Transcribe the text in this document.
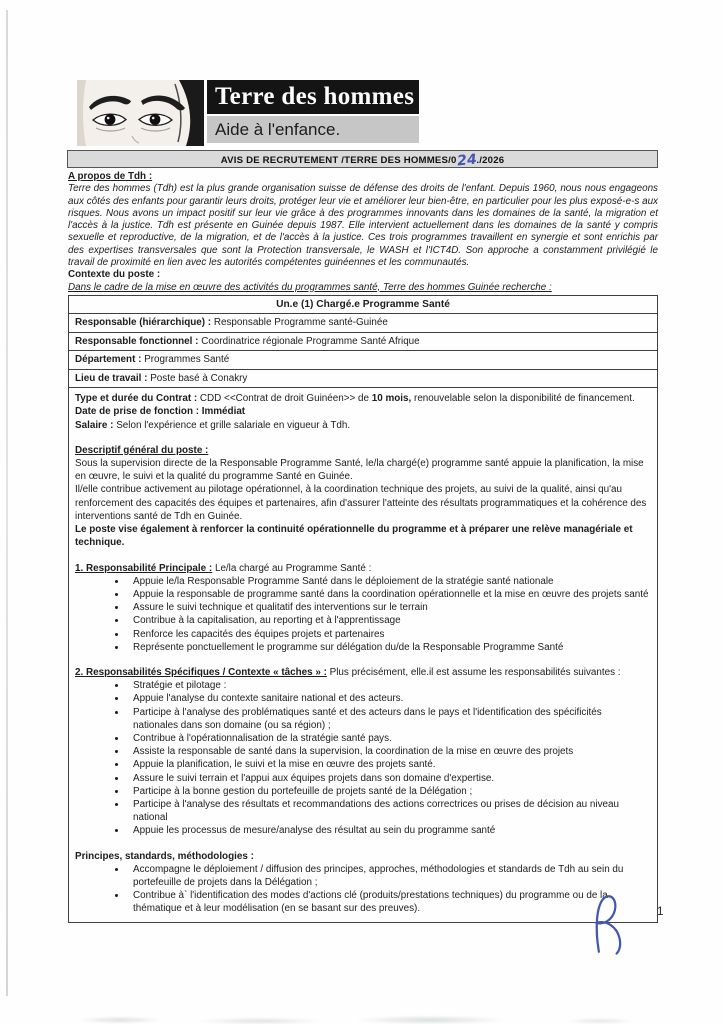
Terre des hommes
Aide à l'enfance.
AVIS DE RECRUTEMENT /TERRE DES HOMMES/024./2026
A propos de Tdh :
Terre des hommes (Tdh) est la plus grande organisation suisse de défense des droits de l'enfant. Depuis 1960, nous nous engageons aux côtés des enfants pour garantir leurs droits, protéger leur vie et améliorer leur bien-être, en particulier pour les plus exposé-e-s aux risques. Nous avons un impact positif sur leur vie grâce à des programmes innovants dans les domaines de la santé, la migration et l'accès à la justice. Tdh est présente en Guinée depuis 1987. Elle intervient actuellement dans les domaines de la santé y compris sexuelle et reproductive, de la migration, et de l'accès à la justice. Ces trois programmes travaillent en synergie et sont enrichis par des expertises transversales que sont la Protection transversale, le WASH et l'ICT4D. Son approche a constamment privilégié le travail de proximité en lien avec les autorités compétentes guinéennes et les communautés.
Contexte du poste :
Dans le cadre de la mise en œuvre des activités du programmes santé, Terre des hommes Guinée recherche :
Un.e (1) Chargé.e Programme Santé
Responsable (hiérarchique) : Responsable Programme santé-Guinée
Responsable fonctionnel : Coordinatrice régionale Programme Santé Afrique
Département : Programmes Santé
Lieu de travail : Poste basé à Conakry
Type et durée du Contrat : CDD <<Contrat de droit Guinéen>> de 10 mois, renouvelable selon la disponibilité de financement.
Date de prise de fonction : Immédiat
Salaire : Selon l'expérience et grille salariale en vigueur à Tdh.
Descriptif général du poste :
Sous la supervision directe de la Responsable Programme Santé, le/la chargé(e) programme santé appuie la planification, la mise en œuvre, le suivi et la qualité du programme Santé en Guinée.
Il/elle contribue activement au pilotage opérationnel, à la coordination technique des projets, au suivi de la qualité, ainsi qu'au renforcement des capacités des équipes et partenaires, afin d'assurer l'atteinte des résultats programmatiques et la cohérence des interventions santé de Tdh en Guinée.
Le poste vise également à renforcer la continuité opérationnelle du programme et à préparer une relève managériale et technique.
1. Responsabilité Principale : Le/la chargé au Programme Santé :
• Appuie le/la Responsable Programme Santé dans le déploiement de la stratégie santé nationale
• Appuie la responsable de programme santé dans la coordination opérationnelle et la mise en œuvre des projets santé
• Assure le suivi technique et qualitatif des interventions sur le terrain
• Contribue à la capitalisation, au reporting et à l'apprentissage
• Renforce les capacités des équipes projets et partenaires
• Représente ponctuellement le programme sur délégation du/de la Responsable Programme Santé
2. Responsabilités Spécifiques / Contexte « tâches » : Plus précisément, elle.il est assume les responsabilités suivantes :
• Stratégie et pilotage :
• Appuie l'analyse du contexte sanitaire national et des acteurs.
• Participe à l'analyse des problématiques santé et des acteurs dans le pays et l'identification des spécificités nationales dans son domaine (ou sa région) ;
• Contribue à l'opérationnalisation de la stratégie santé pays.
• Assiste la responsable de santé dans la supervision, la coordination de la mise en œuvre des projets
• Appuie la planification, le suivi et la mise en œuvre des projets santé.
• Assure le suivi terrain et l'appui aux équipes projets dans son domaine d'expertise.
• Participe à la bonne gestion du portefeuille de projets santé de la Délégation ;
• Participe à l'analyse des résultats et recommandations des actions correctrices ou prises de décision au niveau national
• Appuie les processus de mesure/analyse des résultat au sein du programme santé
Principes, standards, méthodologies :
• Accompagne le déploiement / diffusion des principes, approches, méthodologies et standards de Tdh au sein du portefeuille de projets dans la Délégation ;
• Contribue à` l'identification des modes d'actions clé (produits/prestations techniques) du programme ou de la thématique et à leur modélisation (en se basant sur des preuves).	1
